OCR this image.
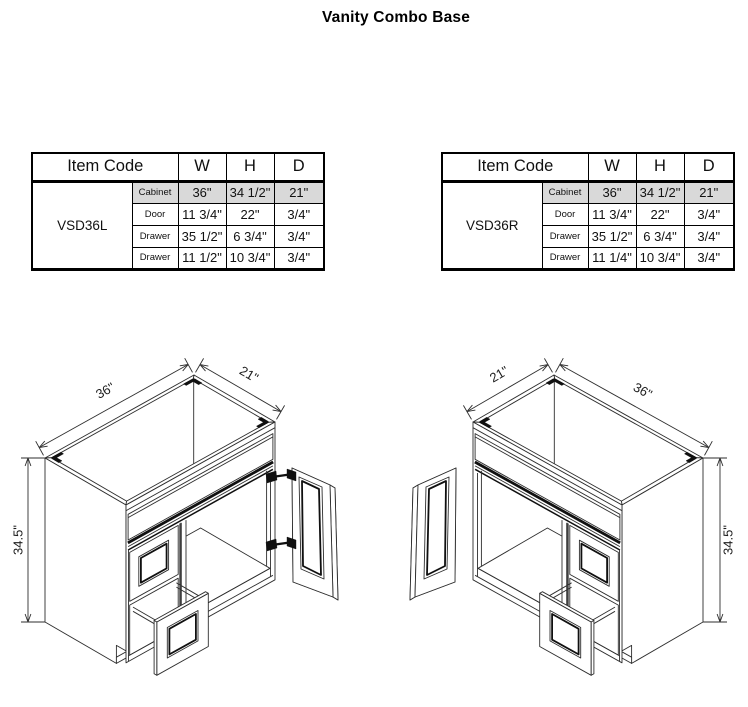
Vanity Combo Base
Item Code		W	H	D
VSD36L	Cabinet	36"	34 1/2"	21"
	Door	11 3/4"	22"	3/4"
	Drawer	35 1/2"	6 3/4"	3/4"
	Drawer	11 1/2"	10 3/4"	3/4"
Item Code		W	H	D
VSD36R	Cabinet	36"	34 1/2"	21"
	Door	11 3/4"	22"	3/4"
	Drawer	35 1/2"	6 3/4"	3/4"
	Drawer	11 1/4"	10 3/4"	3/4"
36"
21"
34.5"
36"
21"
34.5"
